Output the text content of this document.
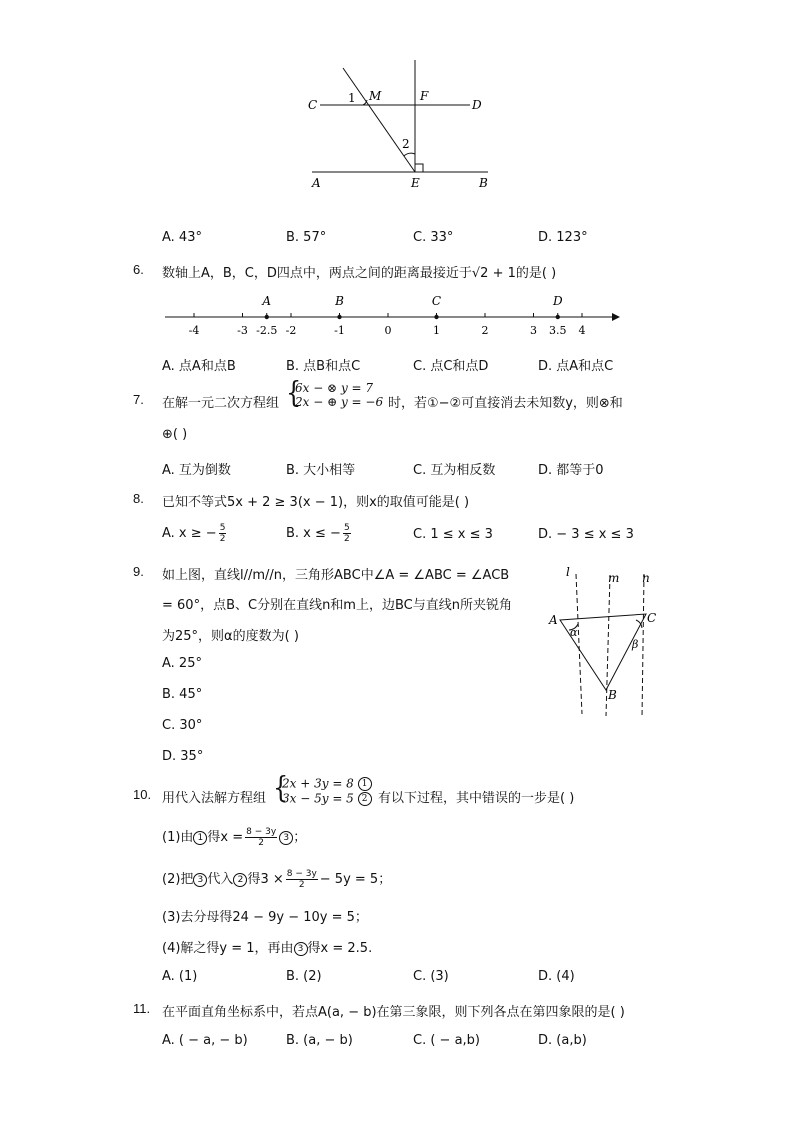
C	D
A	B
E
F
M
1
2
A. 43°	B. 57°	C. 33°	D. 123°
6. 数轴上A，B，C，D四点中，两点之间的距离最接近于√2 + 1的是( )
-4	-3 -2.5 -2	-1	0	1	2	3 3.5 4
A	B	C	D
A. 点A和点B	B. 点B和点C	C. 点C和点D	D. 点A和点C
7. 在解一元二次方程组 {
6x − ⊗ y = 7
2x − ⊕ y = −6 时，若①−②可直接消去未知数y，则⊗和
⊕( )
A. 互为倒数	B. 大小相等	C. 互为相反数	D. 都等于0
8. 已知不等式5x + 2 ≥ 3(x − 1)，则x的取值可能是( )
A. x ≥ − $\frac{5}{2}$	B. x ≤ − $\frac{5}{2}$	C. 1 ≤ x ≤ 3	D. − 3 ≤ x ≤ 3
9. 如上图，直线l//m//n，三角形ABC中∠A = ∠ABC = ∠ACB
= 60°，点B、C分别在直线n和m上，边BC与直线n所夹锐角
为25°，则α的度数为( )
A. 25°
B. 45°
C. 30°
D. 35°
l	m n
A
B
C
α
β
10. 用代入法解方程组 {
2x + 3y = 8 1
3x − 5y = 5 2 有以下过程，其中错误的一步是( )
(1)由 1 得$x = \frac{8 - 3y}{2} 3$ ；
(2)把 3 代入 2 得$3 \times \frac{8 - 3y}{2} - 5y = 5$；
(3)去分母得24 − 9y − 10y = 5；
(4)解之得y = 1，再由 3 得x = 2.5.
A. (1)	B. (2)	C. (3)	D. (4)
11. 在平面直角坐标系中，若点A(a, − b)在第三象限，则下列各点在第四象限的是( )
A. ( − a, − b)	B. (a, − b)	C. ( − a,b)	D. (a,b)
